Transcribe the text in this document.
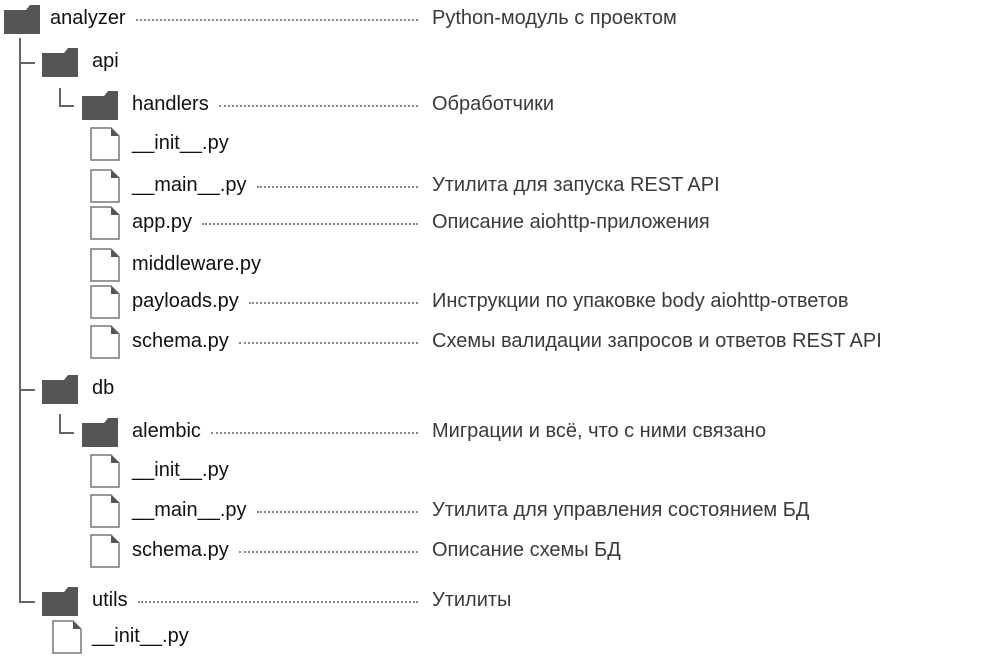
analyzer	Python-модуль с проектом
api
handlers	Обработчики
__init__.py
__main__.py	Утилита для запуска REST API
app.py	Описание aiohttp-приложения
middleware.py
payloads.py	Инструкции по упаковке body aiohttp-ответов
schema.py	Схемы валидации запросов и ответов REST API
db
alembic	Миграции и всё, что с ними связано
__init__.py
__main__.py	Утилита для управления состоянием БД
schema.py	Описание схемы БД
utils	Утилиты
__init__.py
